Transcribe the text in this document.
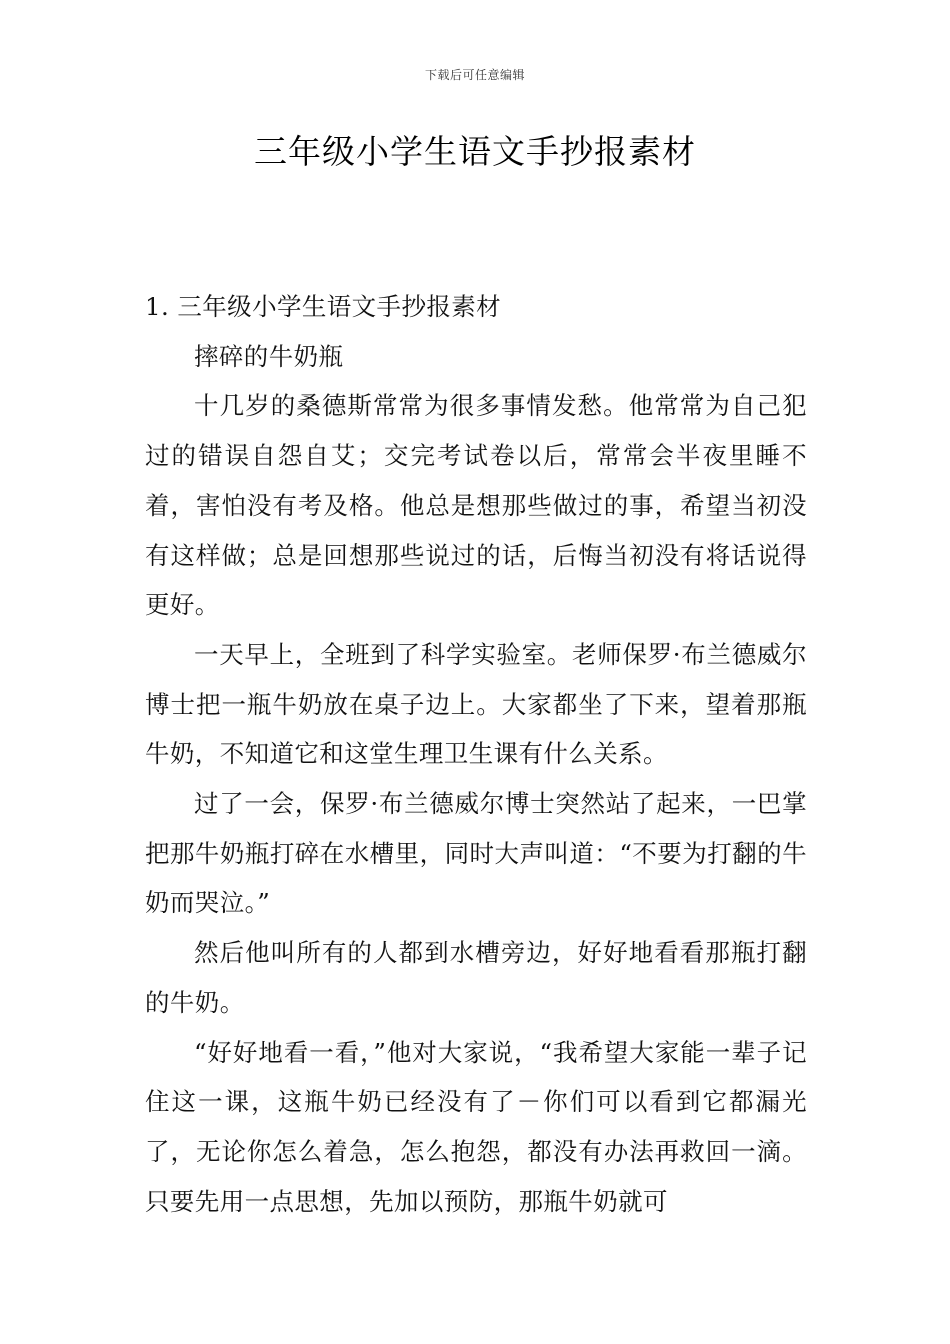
下载后可任意编辑
三年级小学生语文手抄报素材

1. 三年级小学生语文手抄报素材

摔碎的牛奶瓶

十几岁的桑德斯常常为很多事情发愁。他常常为自己犯过的错误自怨自艾；交完考试卷以后，常常会半夜里睡不着，害怕没有考及格。他总是想那些做过的事，希望当初没有这样做；总是回想那些说过的话，后悔当初没有将话说得更好。

一天早上，全班到了科学实验室。老师保罗·布兰德威尔博士把一瓶牛奶放在桌子边上。大家都坐了下来，望着那瓶牛奶，不知道它和这堂生理卫生课有什么关系。

过了一会，保罗·布兰德威尔博士突然站了起来，一巴掌把那牛奶瓶打碎在水槽里，同时大声叫道：“不要为打翻的牛奶而哭泣。”

然后他叫所有的人都到水槽旁边，好好地看看那瓶打翻的牛奶。

“好好地看一看，”他对大家说，“我希望大家能一辈子记住这一课，这瓶牛奶已经没有了－你们可以看到它都漏光了，无论你怎么着急，怎么抱怨，都没有办法再救回一滴。只要先用一点思想，先加以预防，那瓶牛奶就可
